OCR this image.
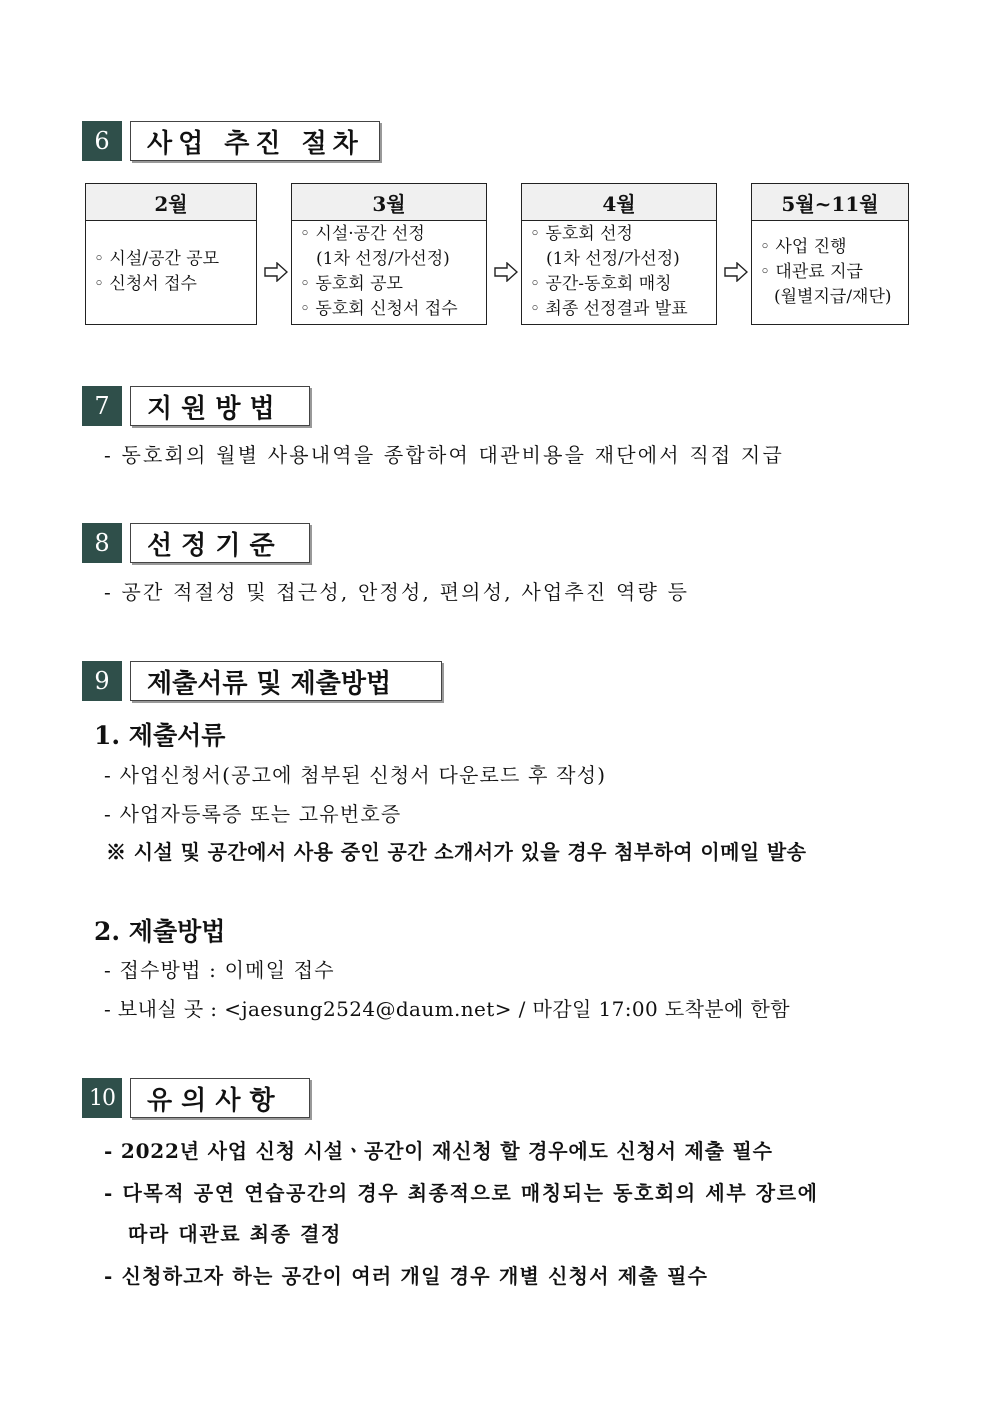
6	사업 추진 절차
2월
◦ 시설/공간 공모
◦ 신청서 접수
3월
◦ 시설·공간 선정
(1차 선정/가선정)
◦ 동호회 공모
◦ 동호회 신청서 접수
4월
◦ 동호회 선정
(1차 선정/가선정)
◦ 공간-동호회 매칭
◦ 최종 선정결과 발표
5월~11월
◦ 사업 진행
◦ 대관료 지급
(월별지급/재단)
7	지 원 방 법
- 동호회의 월별 사용내역을 종합하여 대관비용을 재단에서 직접 지급
8	선 정 기 준
- 공간 적절성 및 접근성, 안정성, 편의성, 사업추진 역량 등
9	제출서류 및 제출방법
1. 제출서류
- 사업신청서(공고에 첨부된 신청서 다운로드 후 작성)
- 사업자등록증 또는 고유번호증
※ 시설 및 공간에서 사용 중인 공간 소개서가 있을 경우 첨부하여 이메일 발송
2. 제출방법
- 접수방법 : 이메일 접수
- 보내실 곳 : <jaesung2524@daum.net> / 마감일 17:00 도착분에 한함
10	유 의 사 항
- 2022년 사업 신청 시설ㆍ공간이 재신청 할 경우에도 신청서 제출 필수
- 다목적 공연 연습공간의 경우 최종적으로 매칭되는 동호회의 세부 장르에
따라 대관료 최종 결정
- 신청하고자 하는 공간이 여러 개일 경우 개별 신청서 제출 필수
